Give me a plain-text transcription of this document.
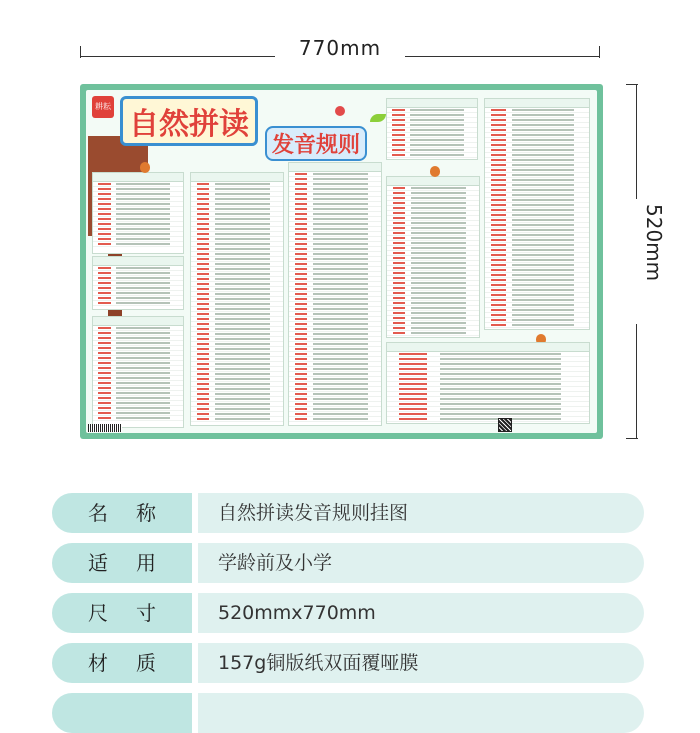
770mm
520mm
耕耘
自然拼读
发音规则
名称	自然拼读发音规则挂图
适用	学龄前及小学
尺寸	520mmx770mm
材质	157g铜版纸双面覆哑膜
